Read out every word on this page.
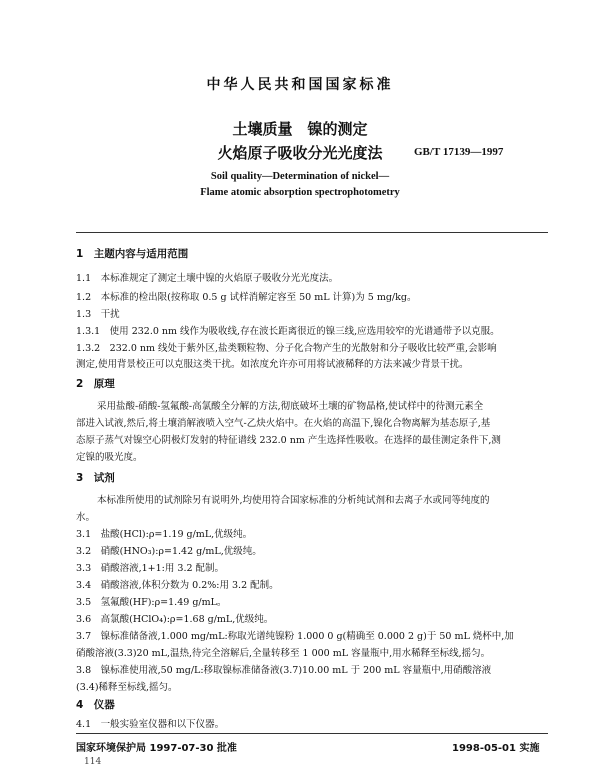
中华人民共和国国家标准
土壤质量　镍的测定
火焰原子吸收分光光度法	GB/T 17139—1997
Soil quality—Determination of nickel—
Flame atomic absorption spectrophotometry
1　主题内容与适用范围
1.1　本标准规定了测定土壤中镍的火焰原子吸收分光光度法。
1.2　本标准的检出限(按称取 0.5 g 试样消解定容至 50 mL 计算)为 5 mg/kg。
1.3　干扰
1.3.1　使用 232.0 nm 线作为吸收线,存在波长距离很近的镍三线,应选用较窄的光谱通带予以克服。
1.3.2　232.0 nm 线处于紫外区,盐类颗粒物、分子化合物产生的光散射和分子吸收比较严重,会影响
测定,使用背景校正可以克服这类干扰。如浓度允许亦可用将试液稀释的方法来减少背景干扰。
2　原理
采用盐酸-硝酸-氢氟酸-高氯酸全分解的方法,彻底破坏土壤的矿物晶格,使试样中的待测元素全
部进入试液,然后,将土壤消解液喷入空气-乙炔火焰中。在火焰的高温下,镍化合物离解为基态原子,基
态原子蒸气对镍空心阴极灯发射的特征谱线 232.0 nm 产生选择性吸收。在选择的最佳测定条件下,测
定镍的吸光度。
3　试剂
本标准所使用的试剂除另有说明外,均使用符合国家标准的分析纯试剂和去离子水或同等纯度的
水。
3.1　盐酸(HCl):ρ=1.19 g/mL,优级纯。
3.2　硝酸(HNO₃):ρ=1.42 g/mL,优级纯。
3.3　硝酸溶液,1+1:用 3.2 配制。
3.4　硝酸溶液,体积分数为 0.2%:用 3.2 配制。
3.5　氢氟酸(HF):ρ=1.49 g/mL。
3.6　高氯酸(HClO₄):ρ=1.68 g/mL,优级纯。
3.7　镍标准储备液,1.000 mg/mL:称取光谱纯镍粉 1.000 0 g(精确至 0.000 2 g)于 50 mL 烧杯中,加
硝酸溶液(3.3)20 mL,温热,待完全溶解后,全量转移至 1 000 mL 容量瓶中,用水稀释至标线,摇匀。
3.8　镍标准使用液,50 mg/L:移取镍标准储备液(3.7)10.00 mL 于 200 mL 容量瓶中,用硝酸溶液
(3.4)稀释至标线,摇匀。
4　仪器
4.1　一般实验室仪器和以下仪器。
国家环境保护局 1997-07-30 批准	1998-05-01 实施
114
